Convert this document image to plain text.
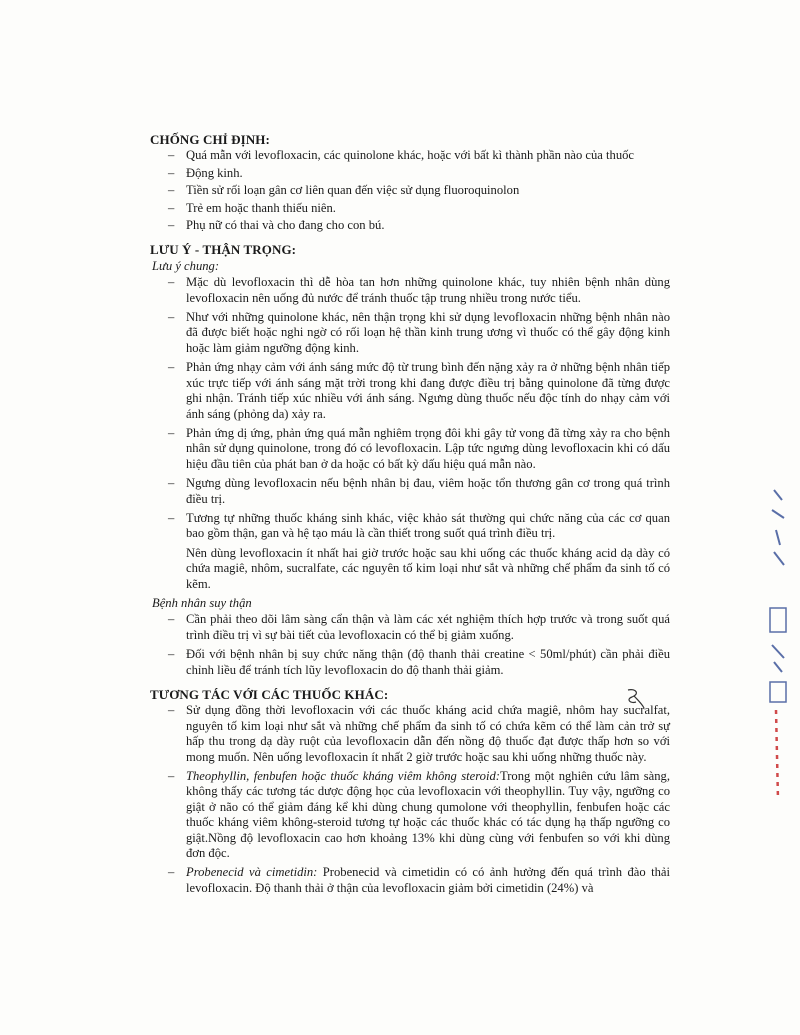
CHỐNG CHỈ ĐỊNH:
– Quá mẫn với levofloxacin, các quinolone khác, hoặc với bất kì thành phần nào của thuốc
– Động kinh.
– Tiền sử rối loạn gân cơ liên quan đến việc sử dụng fluoroquinolon
– Trẻ em hoặc thanh thiếu niên.
– Phụ nữ có thai và cho đang cho con bú.
LƯU Ý - THẬN TRỌNG:
Lưu ý chung:
– Mặc dù levofloxacin thì dễ hòa tan hơn những quinolone khác, tuy nhiên bệnh nhân dùng levofloxacin nên uống đủ nước để tránh thuốc tập trung nhiều trong nước tiểu.
– Như với những quinolone khác, nên thận trọng khi sử dụng levofloxacin những bệnh nhân nào đã được biết hoặc nghi ngờ có rối loạn hệ thần kinh trung ương vì thuốc có thể gây động kinh hoặc làm giảm ngưỡng động kinh.
– Phản ứng nhạy cảm với ánh sáng mức độ từ trung bình đến nặng xảy ra ở những bệnh nhân tiếp xúc trực tiếp với ánh sáng mặt trời trong khi đang được điều trị bằng quinolone đã từng được ghi nhận. Tránh tiếp xúc nhiều với ánh sáng. Ngưng dùng thuốc nếu độc tính do nhạy cảm với ánh sáng (phỏng da) xảy ra.
– Phản ứng dị ứng, phản ứng quá mẫn nghiêm trọng đôi khi gây tử vong đã từng xảy ra cho bệnh nhân sử dụng quinolone, trong đó có levofloxacin. Lập tức ngưng dùng levofloxacin khi có dấu hiệu đầu tiên của phát ban ở da hoặc có bất kỳ dấu hiệu quá mẫn nào.
– Ngưng dùng levofloxacin nếu bệnh nhân bị đau, viêm hoặc tổn thương gân cơ trong quá trình điều trị.
– Tương tự những thuốc kháng sinh khác, việc khảo sát thường qui chức năng của các cơ quan bao gồm thận, gan và hệ tạo máu là cần thiết trong suốt quá trình điều trị.
Nên dùng levofloxacin ít nhất hai giờ trước hoặc sau khi uống các thuốc kháng acid dạ dày có chứa magiê, nhôm, sucralfate, các nguyên tố kim loại như sắt và những chế phẩm đa sinh tố có kẽm.
Bệnh nhân suy thận
– Cần phải theo dõi lâm sàng cẩn thận và làm các xét nghiệm thích hợp trước và trong suốt quá trình điều trị vì sự bài tiết của levofloxacin có thể bị giảm xuống.
– Đối với bệnh nhân bị suy chức năng thận (độ thanh thải creatine < 50ml/phút) cần phải điều chỉnh liều để tránh tích lũy levofloxacin do độ thanh thải giảm.
TƯƠNG TÁC VỚI CÁC THUỐC KHÁC:
– Sử dụng đồng thời levofloxacin với các thuốc kháng acid chứa magiê, nhôm hay sucralfat, nguyên tố kim loại như sắt và những chế phẩm đa sinh tố có chứa kẽm có thể làm cản trở sự hấp thu trong dạ dày ruột của levofloxacin dẫn đến nồng độ thuốc đạt được thấp hơn so với mong muốn. Nên uống levofloxacin ít nhất 2 giờ trước hoặc sau khi uống những thuốc này.
– Theophyllin, fenbufen hoặc thuốc kháng viêm không steroid:Trong một nghiên cứu lâm sàng, không thấy các tương tác dược động học của levofloxacin với theophyllin. Tuy vậy, ngưỡng co giật ở não có thể giảm đáng kể khi dùng chung qumolone với theophyllin, fenbufen hoặc các thuốc kháng viêm không-steroid tương tự hoặc các thuốc khác có tác dụng hạ thấp ngưỡng co giật.Nồng độ levofloxacin cao hơn khoảng 13% khi dùng cùng với fenbufen so với khi dùng đơn độc.
– Probenecid và cimetidin: Probenecid và cimetidin có có ảnh hưởng đến quá trình đào thải levofloxacin. Độ thanh thải ở thận của levofloxacin giảm bởi cimetidin (24%) và
